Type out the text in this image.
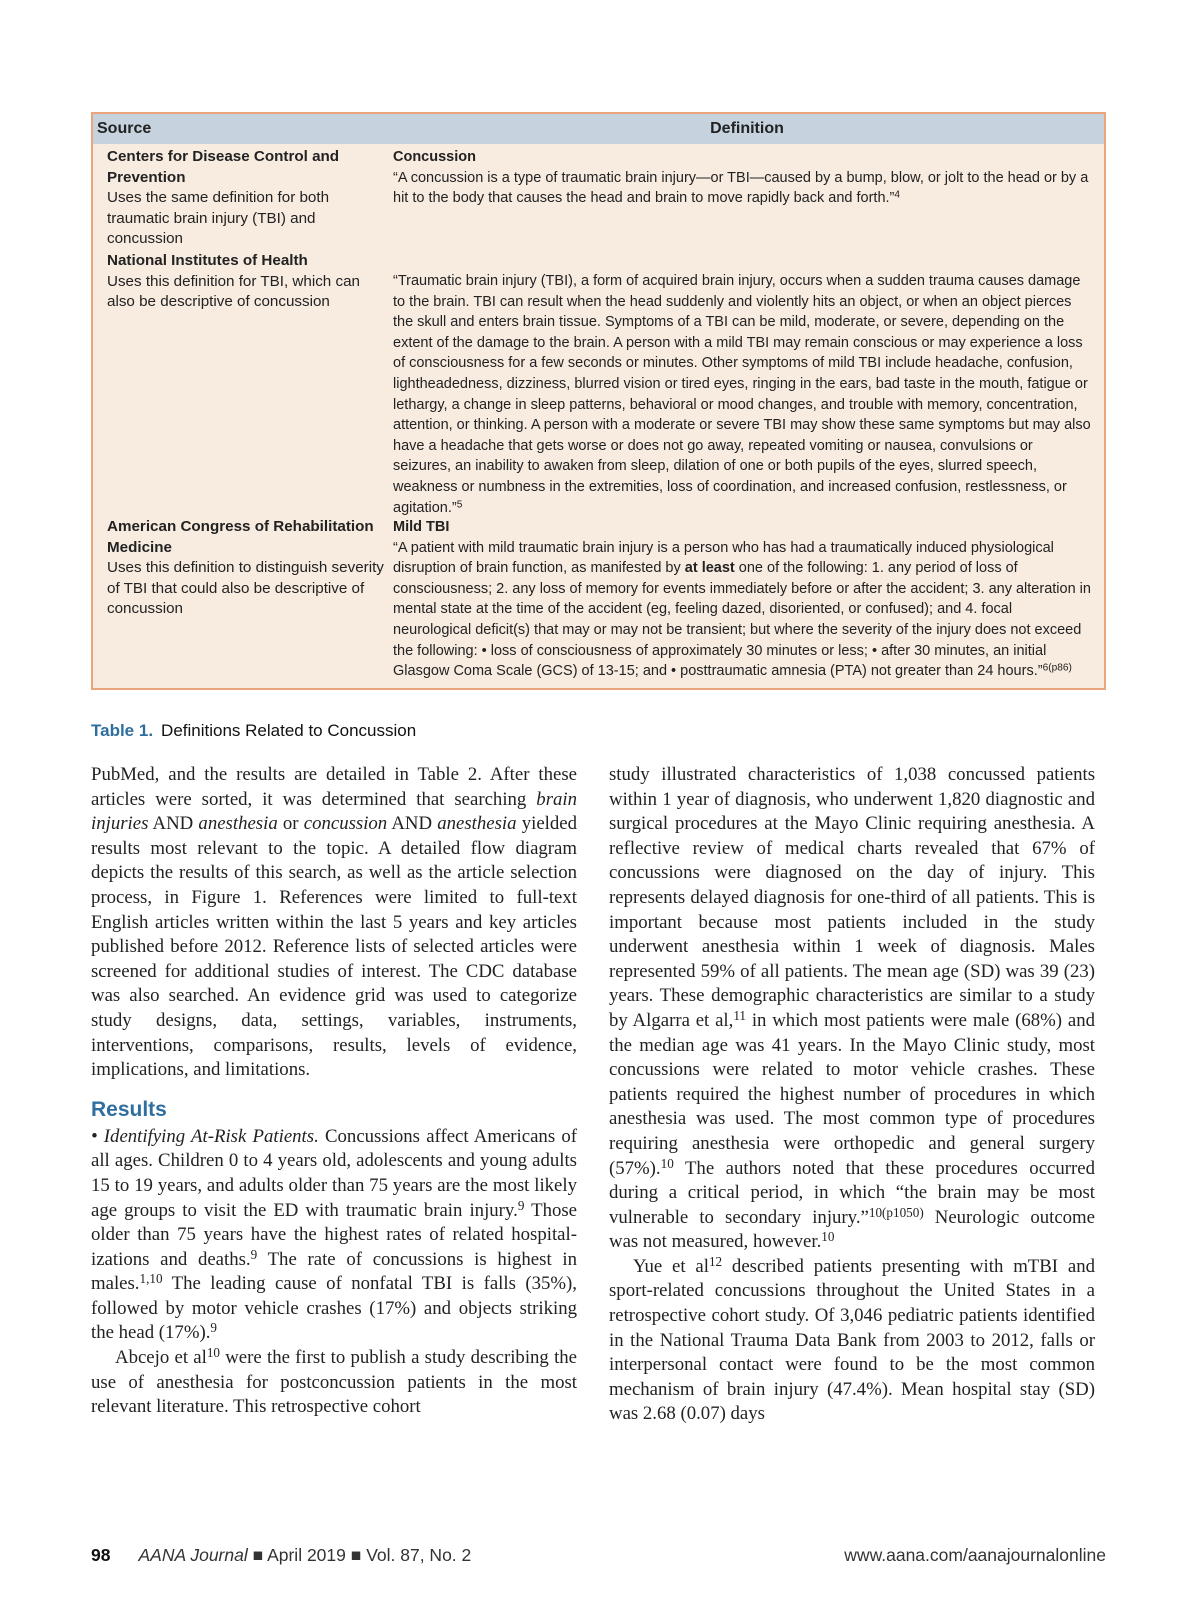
Source	Definition
Centers for Disease Control and Prevention
Uses the same definition for both traumatic brain injury (TBI) and concussion
Concussion
“A concussion is a type of traumatic brain injury—or TBI—caused by a bump, blow, or jolt to the head or by a hit to the body that causes the head and brain to move rapidly back and forth.”$^4$
National Institutes of Health
Uses this definition for TBI, which can also be descriptive of concussion
“Traumatic brain injury (TBI), a form of acquired brain injury, occurs when a sudden trauma causes damage to the brain. TBI can result when the head suddenly and violently hits an object, or when an object pierces the skull and enters brain tissue. Symptoms of a TBI can be mild, moderate, or severe, depending on the extent of the damage to the brain. A person with a mild TBI may remain conscious or may experience a loss of consciousness for a few seconds or minutes. Other symptoms of mild TBI include headache, confusion, lightheadedness, dizziness, blurred vision or tired eyes, ringing in the ears, bad taste in the mouth, fatigue or lethargy, a change in sleep patterns, behavioral or mood changes, and trouble with memory, concentration, attention, or thinking. A person with a moderate or severe TBI may show these same symptoms but may also have a headache that gets worse or does not go away, repeated vomiting or nausea, convulsions or seizures, an inability to awaken from sleep, dilation of one or both pupils of the eyes, slurred speech, weakness or numbness in the extremities, loss of coordination, and increased confusion, restlessness, or agitation.”$^5$
American Congress of Rehabilitation Medicine
Uses this definition to distinguish severity of TBI that could also be descriptive of concussion
Mild TBI
“A patient with mild traumatic brain injury is a person who has had a traumatically induced physiological disruption of brain function, as manifested by at least one of the following: 1. any period of loss of consciousness; 2. any loss of memory for events immediately before or after the accident; 3. any alteration in mental state at the time of the accident (eg, feeling dazed, disoriented, or confused); and 4. focal neurological deficit(s) that may or may not be transient; but where the severity of the injury does not exceed the following: • loss of consciousness of approximately 30 minutes or less; • after 30 minutes, an initial Glasgow Coma Scale (GCS) of 13-15; and • posttraumatic amnesia (PTA) not greater than 24 hours.”$^{6(p86)}$
Table 1. Definitions Related to Concussion

PubMed, and the results are detailed in Table 2. After these articles were sorted, it was determined that searching brain injuries AND anesthesia or concussion AND anesthesia yielded results most relevant to the topic. A detailed flow diagram depicts the results of this search, as well as the article selection process, in Figure 1. References were limited to full-text English articles written within the last 5 years and key articles published before 2012. Reference lists of selected articles were screened for additional studies of interest. The CDC database was also searched. An evidence grid was used to categorize study designs, data, settings, variables, instruments, interventions, comparisons, results, levels of evidence, implications, and limitations.

Results

• Identifying At-Risk Patients. Concussions affect Americans of all ages. Children 0 to 4 years old, adolescents and young adults 15 to 19 years, and adults older than 75 years are the most likely age groups to visit the ED with traumatic brain injury.$^9$ Those older than 75 years have the highest rates of related hospitalizations and deaths.$^9$ The rate of concussions is highest in males.$^{1,10}$ The leading cause of nonfatal TBI is falls (35%), followed by motor vehicle crashes (17%) and objects striking the head (17%).$^9$

Abcejo et $al^{10}$ were the first to publish a study describing the use of anesthesia for postconcussion patients in the most relevant literature. This retrospective cohort

study illustrated characteristics of 1,038 concussed patients within 1 year of diagnosis, who underwent 1,820 diagnostic and surgical procedures at the Mayo Clinic requiring anesthesia. A reflective review of medical charts revealed that 67% of concussions were diagnosed on the day of injury. This represents delayed diagnosis for one-third of all patients. This is important because most patients included in the study underwent anesthesia within 1 week of diagnosis. Males represented 59% of all patients. The mean age (SD) was 39 (23) years. These demographic characteristics are similar to a study by Algarra et al,$^{11}$ in which most patients were male (68%) and the median age was 41 years. In the Mayo Clinic study, most concussions were related to motor vehicle crashes. These patients required the highest number of procedures in which anesthesia was used. The most common type of procedures requiring anesthesia were orthopedic and general surgery (57%).$^{10}$ The authors noted that these procedures occurred during a critical period, in which “the brain may be most vulnerable to secondary injury.”$^{10(p1050)}$ Neurologic outcome was not measured, however.$^{10}$

Yue et $al^{12}$ described patients presenting with mTBI and sport-related concussions throughout the United States in a retrospective cohort study. Of 3,046 pediatric patients identified in the National Trauma Data Bank from 2003 to 2012, falls or interpersonal contact were found to be the most common mechanism of brain injury (47.4%). Mean hospital stay (SD) was 2.68 (0.07) days

98 AANA Journal ■ April 2019 ■ Vol. 87, No. 2	www.aana.com/aanajournalonline
